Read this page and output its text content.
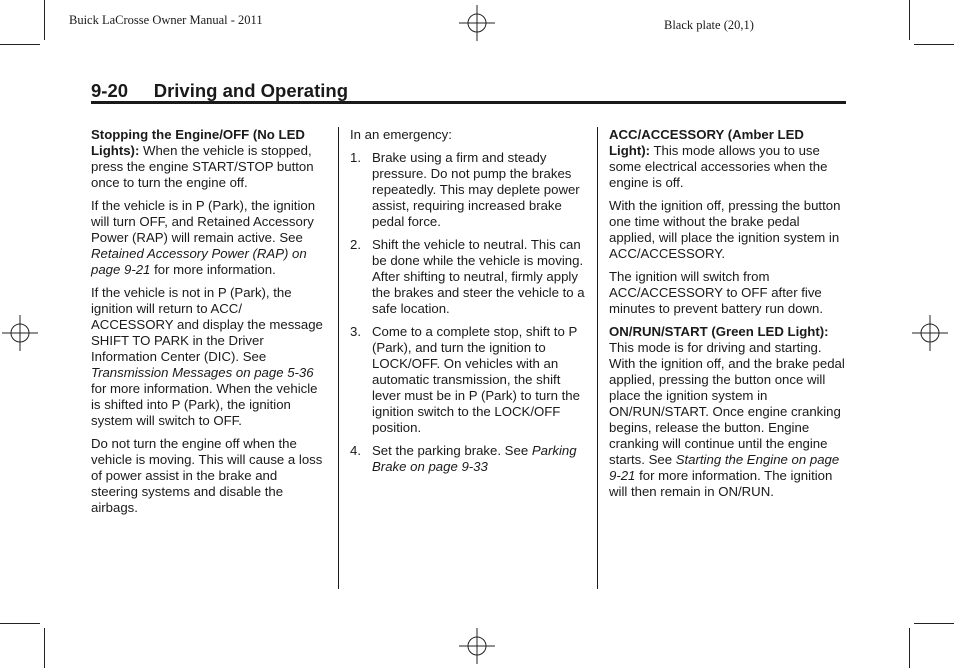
Buick LaCrosse Owner Manual - 2011	Black plate (20,1)
9-20 Driving and Operating

Stopping the Engine/OFF (No LED Lights): When the vehicle is stopped, press the engine START/STOP button once to turn the engine off.

If the vehicle is in P (Park), the ignition will turn OFF, and Retained Accessory Power (RAP) will remain active. See Retained Accessory Power (RAP) on page 9-21 for more information.

If the vehicle is not in P (Park), the ignition will return to ACC/ ACCESSORY and display the message SHIFT TO PARK in the Driver Information Center (DIC). See Transmission Messages on page 5-36 for more information. When the vehicle is shifted into P (Park), the ignition system will switch to OFF.

Do not turn the engine off when the vehicle is moving. This will cause a loss of power assist in the brake and steering systems and disable the airbags.

In an emergency:

1. Brake using a firm and steady pressure. Do not pump the brakes repeatedly. This may deplete power assist, requiring increased brake pedal force.
2. Shift the vehicle to neutral. This can be done while the vehicle is moving. After shifting to neutral, firmly apply the brakes and steer the vehicle to a safe location.
3. Come to a complete stop, shift to P (Park), and turn the ignition to LOCK/OFF. On vehicles with an automatic transmission, the shift lever must be in P (Park) to turn the ignition switch to the LOCK/OFF position.
4. Set the parking brake. See Parking Brake on page 9-33

ACC/ACCESSORY (Amber LED Light): This mode allows you to use some electrical accessories when the engine is off.

With the ignition off, pressing the button one time without the brake pedal applied, will place the ignition system in ACC/ACCESSORY.

The ignition will switch from ACC/ACCESSORY to OFF after five minutes to prevent battery run down.

ON/RUN/START (Green LED Light): This mode is for driving and starting. With the ignition off, and the brake pedal applied, pressing the button once will place the ignition system in ON/RUN/START. Once engine cranking begins, release the button. Engine cranking will continue until the engine starts. See Starting the Engine on page 9-21 for more information. The ignition will then remain in ON/RUN.
